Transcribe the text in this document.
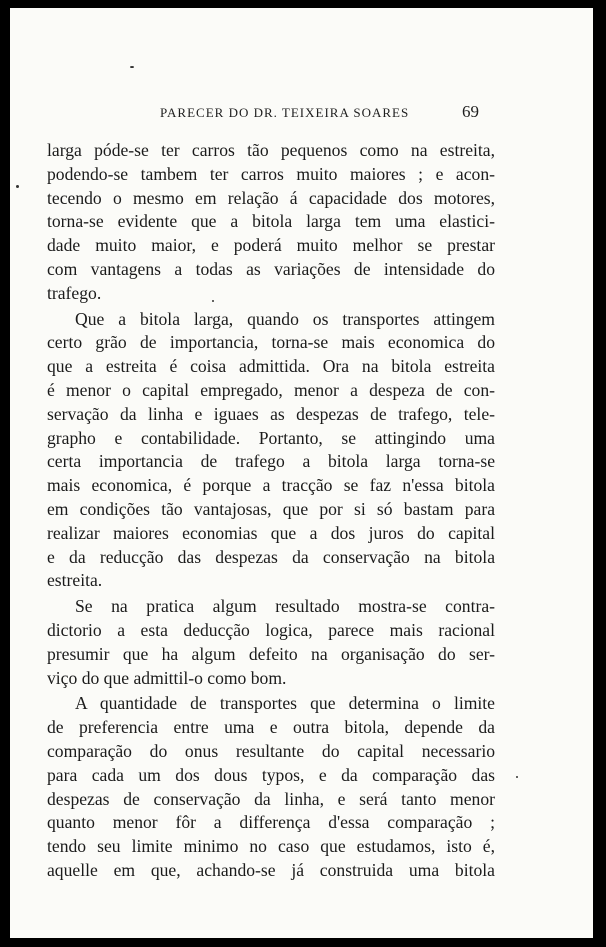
PARECER DO DR. TEIXEIRA SOARES	69
larga póde-se ter carros tão pequenos como na estreita,
podendo-se tambem ter carros muito maiores ; e acon-
tecendo o mesmo em relação á capacidade dos motores,
torna-se evidente que a bitola larga tem uma elastici-
dade muito maior, e poderá muito melhor se prestar
com vantagens a todas as variações de intensidade do
trafego.
Que a bitola larga, quando os transportes attingem
certo grão de importancia, torna-se mais economica do
que a estreita é coisa admittida. Ora na bitola estreita
é menor o capital empregado, menor a despeza de con-
servação da linha e iguaes as despezas de trafego, tele-
grapho e contabilidade. Portanto, se attingindo uma
certa importancia de trafego a bitola larga torna-se
mais economica, é porque a tracção se faz n'essa bitola
em condições tão vantajosas, que por si só bastam para
realizar maiores economias que a dos juros do capital
e da reducção das despezas da conservação na bitola
estreita.
Se na pratica algum resultado mostra-se contra-
dictorio a esta deducção logica, parece mais racional
presumir que ha algum defeito na organisação do ser-
viço do que admittil-o como bom.
A quantidade de transportes que determina o limite
de preferencia entre uma e outra bitola, depende da
comparação do onus resultante do capital necessario
para cada um dos dous typos, e da comparação das
despezas de conservação da linha, e será tanto menor
quanto menor fôr a differença d'essa comparação ;
tendo seu limite minimo no caso que estudamos, isto é,
aquelle em que, achando-se já construida uma bitola
